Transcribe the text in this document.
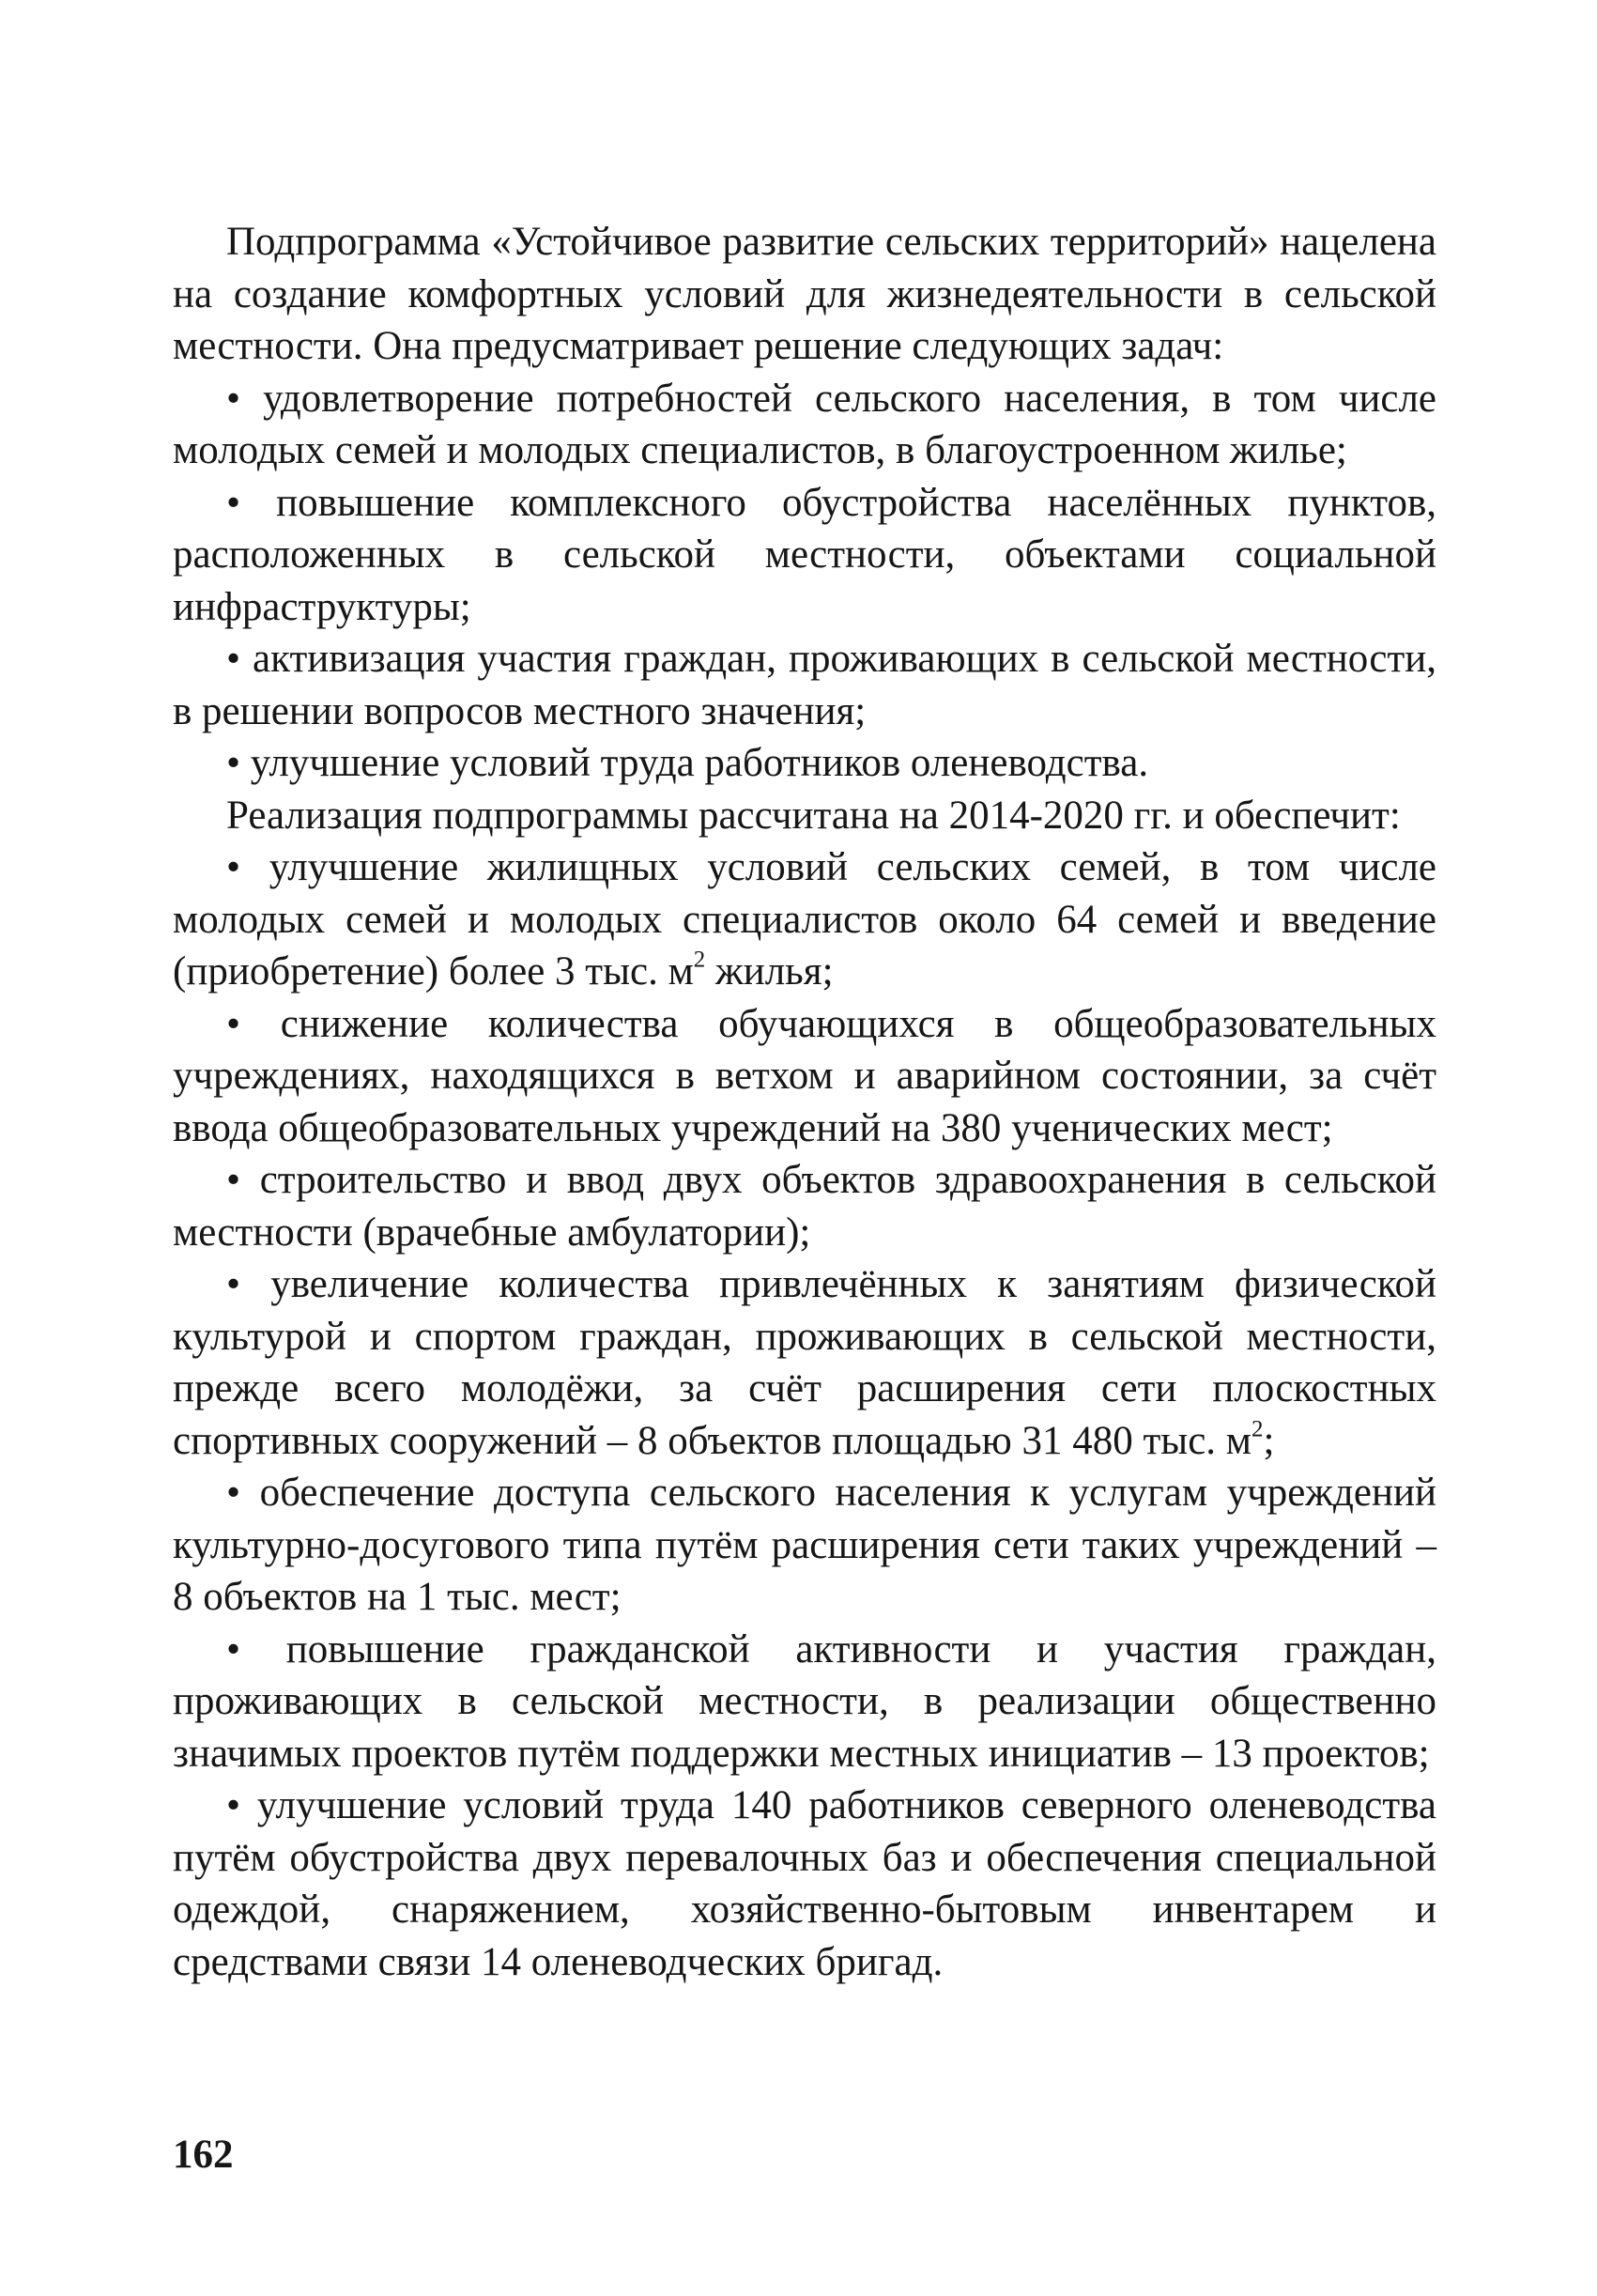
Подпрограмма «Устойчивое развитие сельских территорий» нацелена на создание комфортных условий для жизнедеятельности в сельской местности. Она предусматривает решение следующих задач:

• удовлетворение потребностей сельского населения, в том числе молодых семей и молодых специалистов, в благоустроенном жилье;

• повышение комплексного обустройства населённых пунктов, расположенных в сельской местности, объектами социальной инфраструктуры;

• активизация участия граждан, проживающих в сельской местности, в решении вопросов местного значения;

• улучшение условий труда работников оленеводства.

Реализация подпрограммы рассчитана на 2014-2020 гг. и обеспечит:

• улучшение жилищных условий сельских семей, в том числе молодых семей и молодых специалистов около 64 семей и введение (приобретение) более 3 тыс. $м^2$ жилья;

• снижение количества обучающихся в общеобразовательных учреждениях, находящихся в ветхом и аварийном состоянии, за счёт ввода общеобразовательных учреждений на 380 ученических мест;

• строительство и ввод двух объектов здравоохранения в сельской местности (врачебные амбулатории);

• увеличение количества привлечённых к занятиям физической культурой и спортом граждан, проживающих в сельской местности, прежде всего молодёжи, за счёт расширения сети плоскостных спортивных сооружений – 8 объектов площадью 31 480 тыс. $м^2$;

• обеспечение доступа сельского населения к услугам учреждений культурно-досугового типа путём расширения сети таких учреждений – 8 объектов на 1 тыс. мест;

• повышение гражданской активности и участия граждан, проживающих в сельской местности, в реализации общественно значимых проектов путём поддержки местных инициатив – 13 проектов;

• улучшение условий труда 140 работников северного оленеводства путём обустройства двух перевалочных баз и обеспечения специальной одеждой, снаряжением, хозяйственно-бытовым инвентарем и средствами связи 14 оленеводческих бригад.

162
